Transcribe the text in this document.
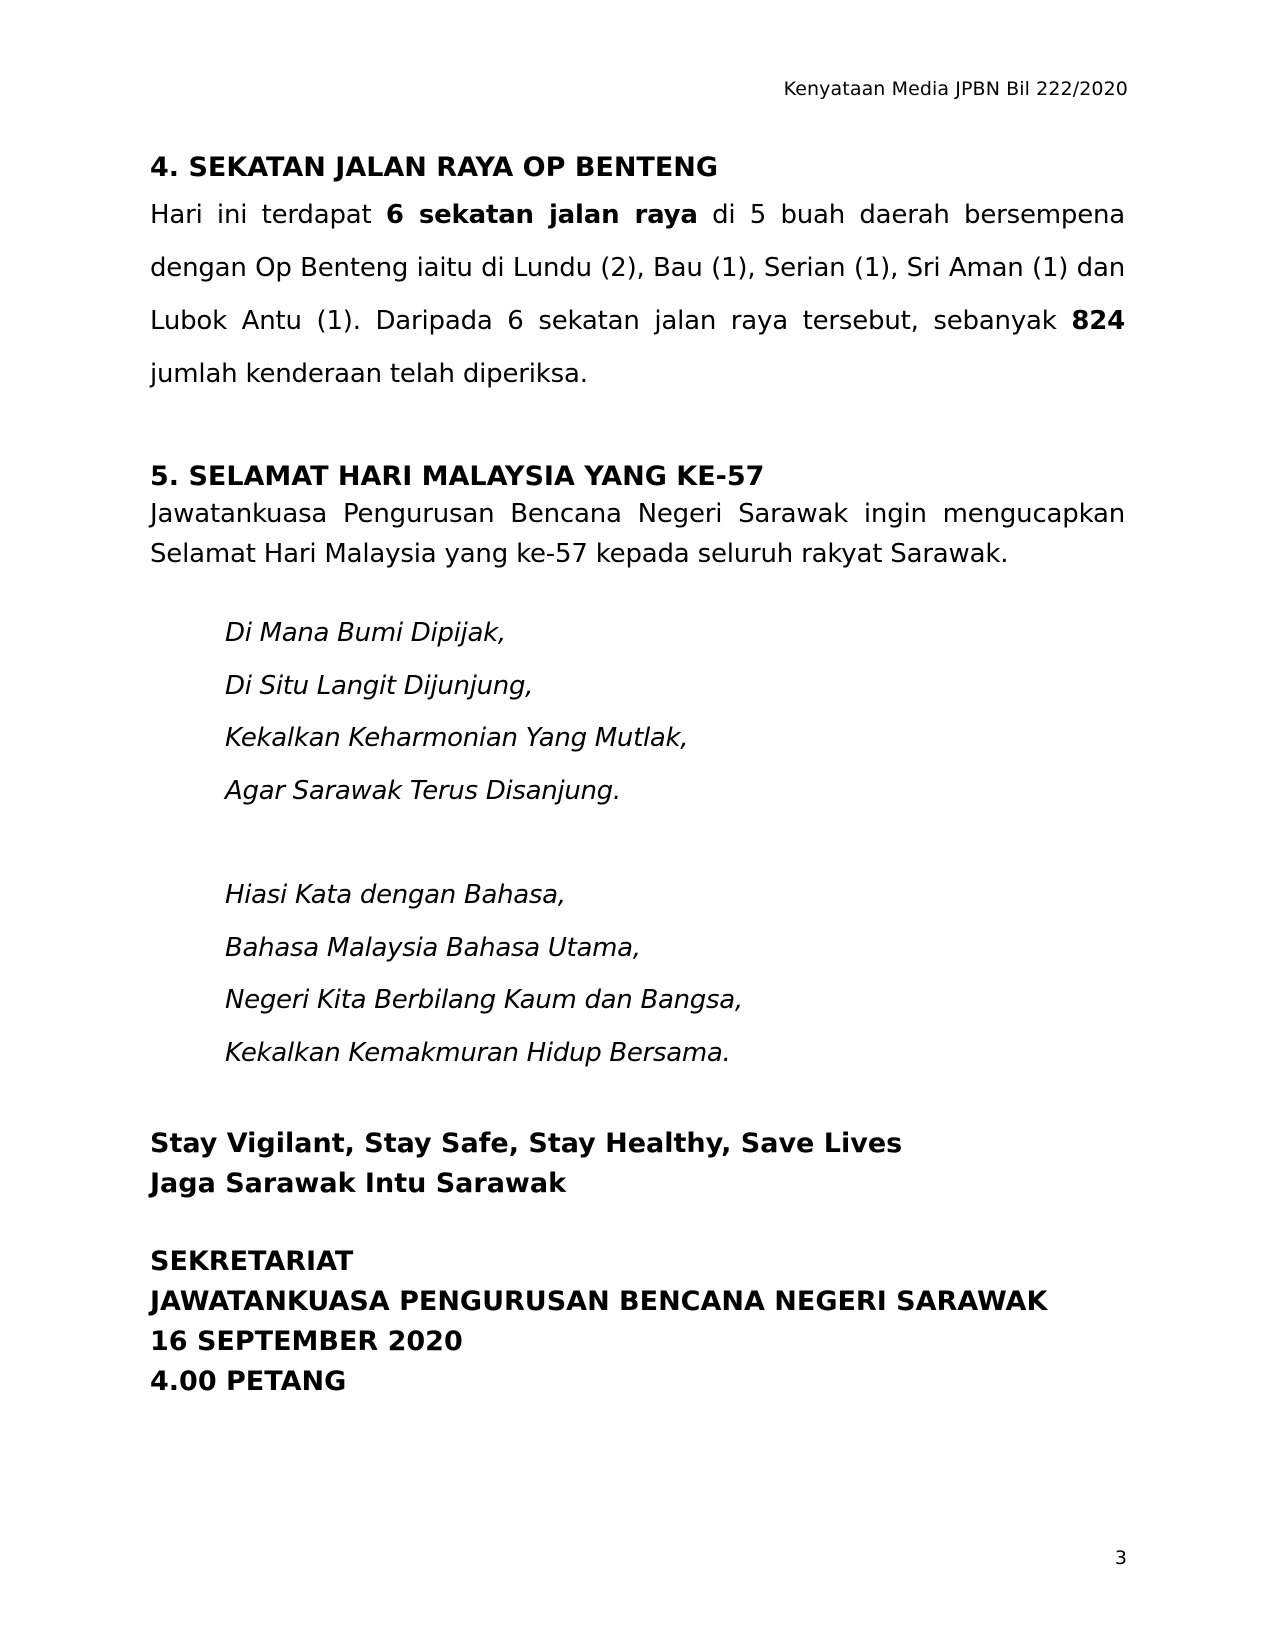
Kenyataan Media JPBN Bil 222/2020

4. SEKATAN JALAN RAYA OP BENTENG

Hari ini terdapat 6 sekatan jalan raya di 5 buah daerah bersempena
dengan Op Benteng iaitu di Lundu (2), Bau (1), Serian (1), Sri Aman (1) dan
Lubok Antu (1). Daripada 6 sekatan jalan raya tersebut, sebanyak 824
jumlah kenderaan telah diperiksa.

5. SELAMAT HARI MALAYSIA YANG KE-57

Jawatankuasa Pengurusan Bencana Negeri Sarawak ingin mengucapkan
Selamat Hari Malaysia yang ke-57 kepada seluruh rakyat Sarawak.
Di Mana Bumi Dipijak,
Di Situ Langit Dijunjung,
Kekalkan Keharmonian Yang Mutlak,
Agar Sarawak Terus Disanjung.
Hiasi Kata dengan Bahasa,
Bahasa Malaysia Bahasa Utama,
Negeri Kita Berbilang Kaum dan Bangsa,
Kekalkan Kemakmuran Hidup Bersama.
Stay Vigilant, Stay Safe, Stay Healthy, Save Lives
Jaga Sarawak Intu Sarawak
SEKRETARIAT
JAWATANKUASA PENGURUSAN BENCANA NEGERI SARAWAK
16 SEPTEMBER 2020
4.00 PETANG
3
